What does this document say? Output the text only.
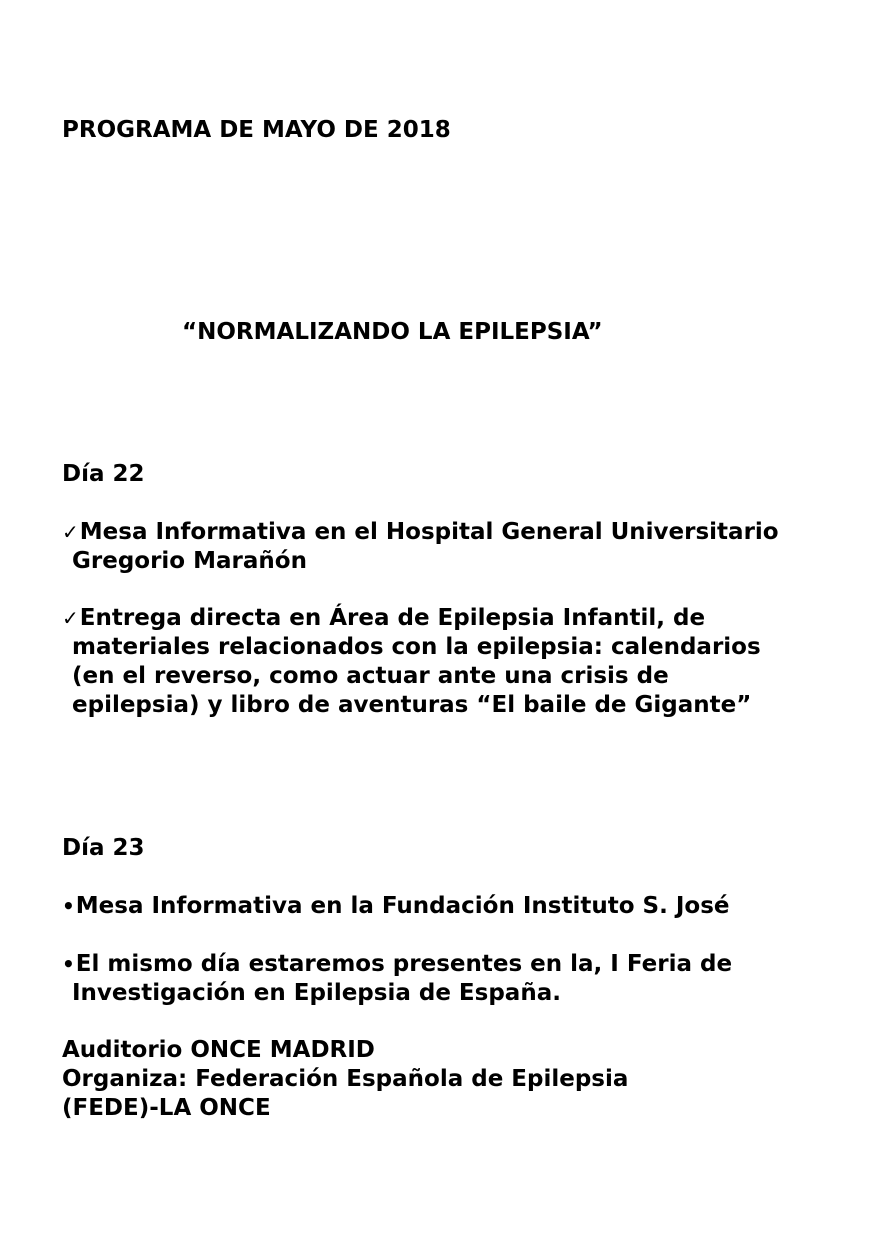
PROGRAMA DE MAYO DE 2018

“NORMALIZANDO LA EPILEPSIA”

Día 22

✓Mesa Informativa en el Hospital General Universitario

Gregorio Marañón

✓Entrega directa en Área de Epilepsia Infantil, de

materiales relacionados con la epilepsia: calendarios

(en el reverso, como actuar ante una crisis de

epilepsia) y libro de aventuras “El baile de Gigante”

Día 23

•Mesa Informativa en la Fundación Instituto S. José

•El mismo día estaremos presentes en la, I Feria de

Investigación en Epilepsia de España.

Auditorio ONCE MADRID

Organiza: Federación Española de Epilepsia

(FEDE)-LA ONCE
